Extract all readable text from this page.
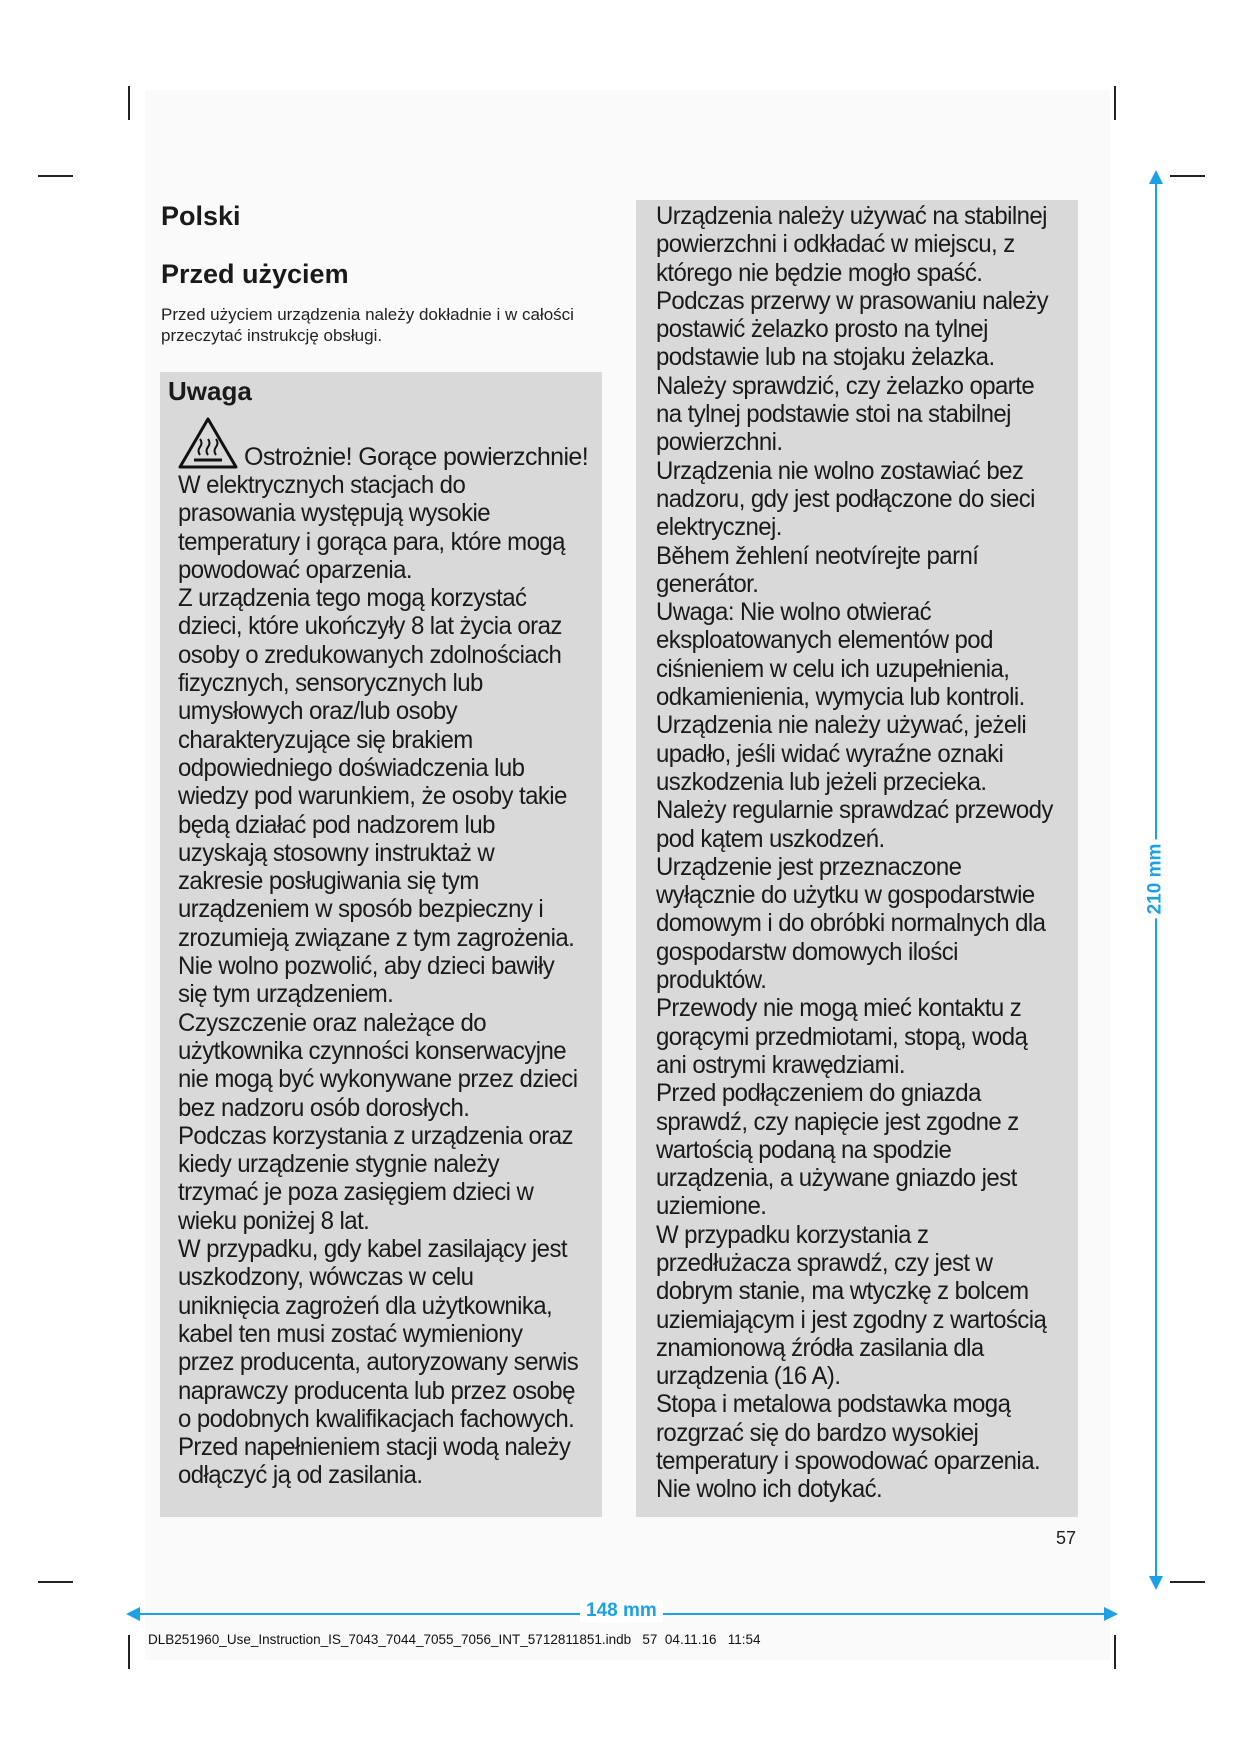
Polski
Przed użyciem

Przed użyciem urządzenia należy dokładnie i w całości przeczytać instrukcję obsługi.

Uwaga
Ostrożnie! Gorące powierzchnie!

W elektrycznych stacjach do prasowania występują wysokie temperatury i gorąca para, które mogą powodować oparzenia.

Z urządzenia tego mogą korzystać dzieci, które ukończyły 8 lat życia oraz osoby o zredukowanych zdolnościach fizycznych, sensorycznych lub umysłowych oraz/lub osoby charakteryzujące się brakiem odpowiedniego doświadczenia lub wiedzy pod warunkiem, że osoby takie będą działać pod nadzorem lub uzyskają stosowny instruktaż w zakresie posługiwania się tym urządzeniem w sposób bezpieczny i zrozumieją związane z tym zagrożenia.

Nie wolno pozwolić, aby dzieci bawiły się tym urządzeniem.

Czyszczenie oraz należące do użytkownika czynności konserwacyjne nie mogą być wykonywane przez dzieci bez nadzoru osób dorosłych.

Podczas korzystania z urządzenia oraz kiedy urządzenie stygnie należy trzymać je poza zasięgiem dzieci w wieku poniżej 8 lat.

W przypadku, gdy kabel zasilający jest uszkodzony, wówczas w celu uniknięcia zagrożeń dla użytkownika, kabel ten musi zostać wymieniony przez producenta, autoryzowany serwis naprawczy producenta lub przez osobę o podobnych kwalifikacjach fachowych.

Przed napełnieniem stacji wodą należy odłączyć ją od zasilania.

Urządzenia należy używać na stabilnej powierzchni i odkładać w miejscu, z którego nie będzie mogło spaść.

Podczas przerwy w prasowaniu należy postawić żelazko prosto na tylnej podstawie lub na stojaku żelazka. Należy sprawdzić, czy żelazko oparte na tylnej podstawie stoi na stabilnej powierzchni.

Urządzenia nie wolno zostawiać bez nadzoru, gdy jest podłączone do sieci elektrycznej.

Během žehlení neotvírejte parní generátor.

Uwaga: Nie wolno otwierać eksploatowanych elementów pod ciśnieniem w celu ich uzupełnienia, odkamienienia, wymycia lub kontroli.

Urządzenia nie należy używać, jeżeli upadło, jeśli widać wyraźne oznaki uszkodzenia lub jeżeli przecieka. Należy regularnie sprawdzać przewody pod kątem uszkodzeń.

Urządzenie jest przeznaczone wyłącznie do użytku w gospodarstwie domowym i do obróbki normalnych dla gospodarstw domowych ilości produktów.

Przewody nie mogą mieć kontaktu z gorącymi przedmiotami, stopą, wodą ani ostrymi krawędziami.

Przed podłączeniem do gniazda sprawdź, czy napięcie jest zgodne z wartością podaną na spodzie urządzenia, a używane gniazdo jest uziemione.

W przypadku korzystania z przedłużacza sprawdź, czy jest w dobrym stanie, ma wtyczkę z bolcem uziemiającym i jest zgodny z wartością znamionową źródła zasilania dla urządzenia (16 A).

Stopa i metalowa podstawka mogą rozgrzać się do bardzo wysokiej temperatury i spowodować oparzenia. Nie wolno ich dotykać.

57
210 mm
148 mm
DLB251960_Use_Instruction_IS_7043_7044_7055_7056_INT_5712811851.indb   57  04.11.16   11:54
